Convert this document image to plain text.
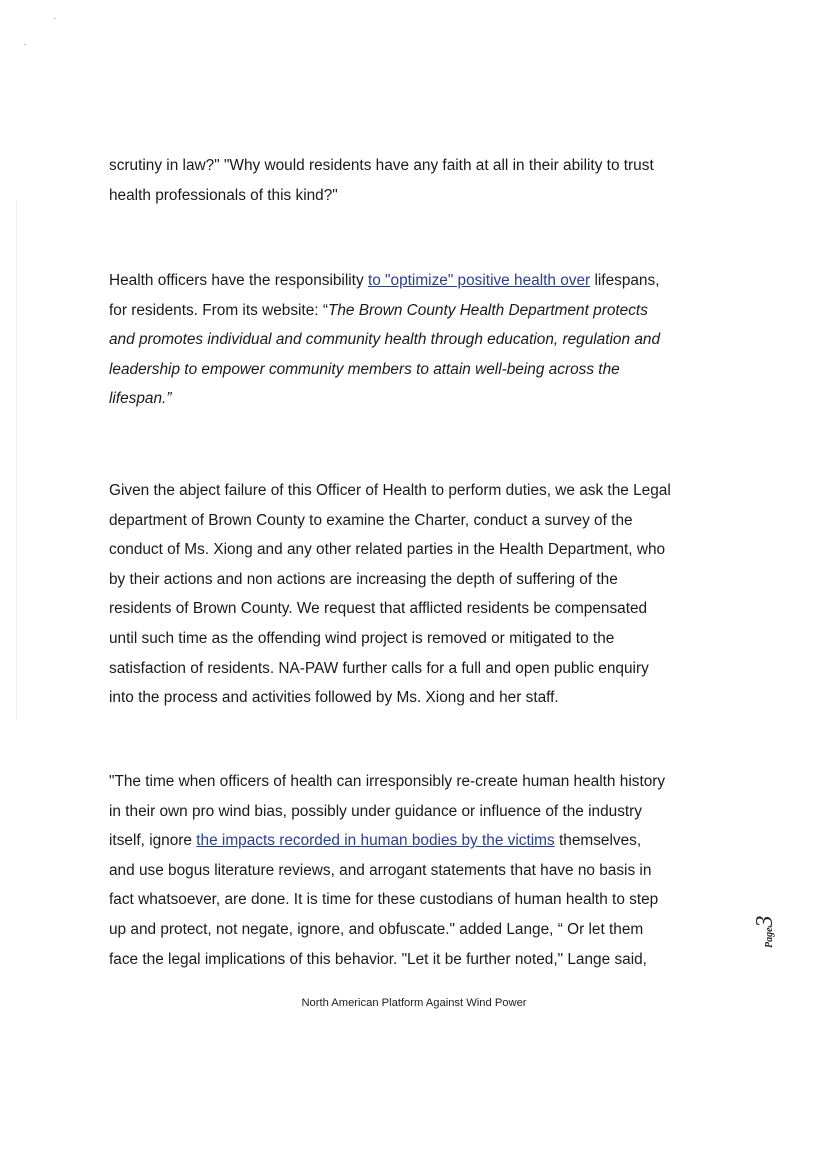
scrutiny in law?" "Why would residents have any faith at all in their ability to trust
health professionals of this kind?"

Health officers have the responsibility to "optimize" positive health over lifespans,
for residents. From its website: “The Brown County Health Department protects
and promotes individual and community health through education, regulation and
leadership to empower community members to attain well-being across the
lifespan.”

Given the abject failure of this Officer of Health to perform duties, we ask the Legal
department of Brown County to examine the Charter, conduct a survey of the
conduct of Ms. Xiong and any other related parties in the Health Department, who
by their actions and non actions are increasing the depth of suffering of the
residents of Brown County. We request that afflicted residents be compensated
until such time as the offending wind project is removed or mitigated to the
satisfaction of residents. NA-PAW further calls for a full and open public enquiry
into the process and activities followed by Ms. Xiong and her staff.

"The time when officers of health can irresponsibly re-create human health history
in their own pro wind bias, possibly under guidance or influence of the industry
itself, ignore the impacts recorded in human bodies by the victims themselves,
and use bogus literature reviews, and arrogant statements that have no basis in
fact whatsoever, are done. It is time for these custodians of human health to step
up and protect, not negate, ignore, and obfuscate." added Lange, “ Or let them
face the legal implications of this behavior. "Let it be further noted," Lange said,

North American Platform Against Wind Power
Page3
